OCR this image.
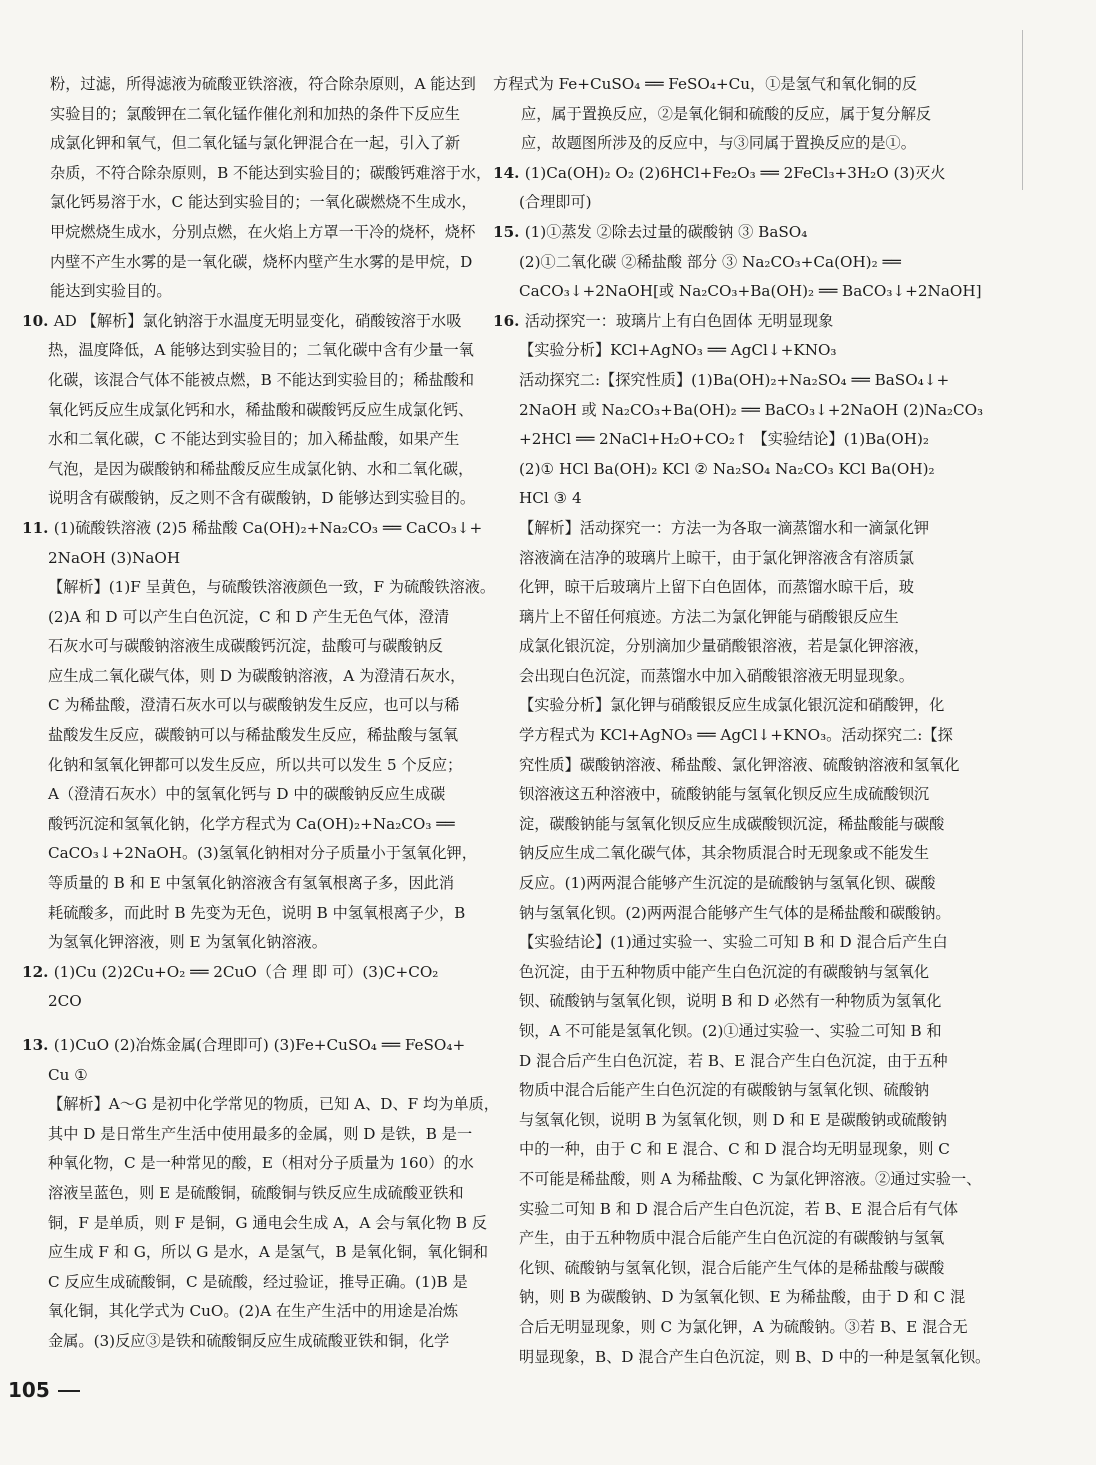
粉，过滤，所得滤液为硫酸亚铁溶液，符合除杂原则，A 能达到
实验目的；氯酸钾在二氧化锰作催化剂和加热的条件下反应生
成氯化钾和氧气，但二氧化锰与氯化钾混合在一起，引入了新
杂质，不符合除杂原则，B 不能达到实验目的；碳酸钙难溶于水，
氯化钙易溶于水，C 能达到实验目的；一氧化碳燃烧不生成水，
甲烷燃烧生成水，分别点燃，在火焰上方罩一干冷的烧杯，烧杯
内壁不产生水雾的是一氧化碳，烧杯内壁产生水雾的是甲烷，D
能达到实验目的。
10. AD 【解析】氯化钠溶于水温度无明显变化，硝酸铵溶于水吸
热，温度降低，A 能够达到实验目的；二氧化碳中含有少量一氧
化碳，该混合气体不能被点燃，B 不能达到实验目的；稀盐酸和
氧化钙反应生成氯化钙和水，稀盐酸和碳酸钙反应生成氯化钙、
水和二氧化碳，C 不能达到实验目的；加入稀盐酸，如果产生
气泡，是因为碳酸钠和稀盐酸反应生成氯化钠、水和二氧化碳，
说明含有碳酸钠，反之则不含有碳酸钠，D 能够达到实验目的。
11. (1)硫酸铁溶液 (2)5 稀盐酸 Ca(OH)₂+Na₂CO₃ ══ CaCO₃↓+
2NaOH (3)NaOH
【解析】(1)F 呈黄色，与硫酸铁溶液颜色一致，F 为硫酸铁溶液。
(2)A 和 D 可以产生白色沉淀，C 和 D 产生无色气体，澄清
石灰水可与碳酸钠溶液生成碳酸钙沉淀，盐酸可与碳酸钠反
应生成二氧化碳气体，则 D 为碳酸钠溶液，A 为澄清石灰水，
C 为稀盐酸，澄清石灰水可以与碳酸钠发生反应，也可以与稀
盐酸发生反应，碳酸钠可以与稀盐酸发生反应，稀盐酸与氢氧
化钠和氢氧化钾都可以发生反应，所以共可以发生 5 个反应；
A（澄清石灰水）中的氢氧化钙与 D 中的碳酸钠反应生成碳
酸钙沉淀和氢氧化钠，化学方程式为 Ca(OH)₂+Na₂CO₃ ══
CaCO₃↓+2NaOH。(3)氢氧化钠相对分子质量小于氢氧化钾，
等质量的 B 和 E 中氢氧化钠溶液含有氢氧根离子多，因此消
耗硫酸多，而此时 B 先变为无色，说明 B 中氢氧根离子少，B
为氢氧化钾溶液，则 E 为氢氧化钠溶液。
12. (1)Cu (2)2Cu+O₂ ══ 2CuO（合 理 即 可）(3)C+CO₂
2CO
13. (1)CuO (2)冶炼金属(合理即可) (3)Fe+CuSO₄ ══ FeSO₄+
Cu ①
【解析】A～G 是初中化学常见的物质，已知 A、D、F 均为单质，
其中 D 是日常生产生活中使用最多的金属，则 D 是铁，B 是一
种氧化物，C 是一种常见的酸，E（相对分子质量为 160）的水
溶液呈蓝色，则 E 是硫酸铜，硫酸铜与铁反应生成硫酸亚铁和
铜，F 是单质，则 F 是铜，G 通电会生成 A，A 会与氧化物 B 反
应生成 F 和 G，所以 G 是水，A 是氢气，B 是氧化铜，氧化铜和
C 反应生成硫酸铜，C 是硫酸，经过验证，推导正确。(1)B 是
氧化铜，其化学式为 CuO。(2)A 在生产生活中的用途是冶炼
金属。(3)反应③是铁和硫酸铜反应生成硫酸亚铁和铜，化学
方程式为 Fe+CuSO₄ ══ FeSO₄+Cu，①是氢气和氧化铜的反
应，属于置换反应，②是氧化铜和硫酸的反应，属于复分解反
应，故题图所涉及的反应中，与③同属于置换反应的是①。
14. (1)Ca(OH)₂ O₂ (2)6HCl+Fe₂O₃ ══ 2FeCl₃+3H₂O (3)灭火
(合理即可)
15. (1)①蒸发 ②除去过量的碳酸钠 ③ BaSO₄
(2)①二氧化碳 ②稀盐酸 部分 ③ Na₂CO₃+Ca(OH)₂ ══
CaCO₃↓+2NaOH[或 Na₂CO₃+Ba(OH)₂ ══ BaCO₃↓+2NaOH]
16. 活动探究一：玻璃片上有白色固体 无明显现象
【实验分析】KCl+AgNO₃ ══ AgCl↓+KNO₃
活动探究二:【探究性质】(1)Ba(OH)₂+Na₂SO₄ ══ BaSO₄↓+
2NaOH 或 Na₂CO₃+Ba(OH)₂ ══ BaCO₃↓+2NaOH (2)Na₂CO₃
+2HCl ══ 2NaCl+H₂O+CO₂↑ 【实验结论】(1)Ba(OH)₂
(2)① HCl Ba(OH)₂ KCl ② Na₂SO₄ Na₂CO₃ KCl Ba(OH)₂
HCl ③ 4
【解析】活动探究一：方法一为各取一滴蒸馏水和一滴氯化钾
溶液滴在洁净的玻璃片上晾干，由于氯化钾溶液含有溶质氯
化钾，晾干后玻璃片上留下白色固体，而蒸馏水晾干后，玻
璃片上不留任何痕迹。方法二为氯化钾能与硝酸银反应生
成氯化银沉淀，分别滴加少量硝酸银溶液，若是氯化钾溶液，
会出现白色沉淀，而蒸馏水中加入硝酸银溶液无明显现象。
【实验分析】氯化钾与硝酸银反应生成氯化银沉淀和硝酸钾，化
学方程式为 KCl+AgNO₃ ══ AgCl↓+KNO₃。活动探究二:【探
究性质】碳酸钠溶液、稀盐酸、氯化钾溶液、硫酸钠溶液和氢氧化
钡溶液这五种溶液中，硫酸钠能与氢氧化钡反应生成硫酸钡沉
淀，碳酸钠能与氢氧化钡反应生成碳酸钡沉淀，稀盐酸能与碳酸
钠反应生成二氧化碳气体，其余物质混合时无现象或不能发生
反应。(1)两两混合能够产生沉淀的是硫酸钠与氢氧化钡、碳酸
钠与氢氧化钡。(2)两两混合能够产生气体的是稀盐酸和碳酸钠。
【实验结论】(1)通过实验一、实验二可知 B 和 D 混合后产生白
色沉淀，由于五种物质中能产生白色沉淀的有碳酸钠与氢氧化
钡、硫酸钠与氢氧化钡，说明 B 和 D 必然有一种物质为氢氧化
钡，A 不可能是氢氧化钡。(2)①通过实验一、实验二可知 B 和
D 混合后产生白色沉淀，若 B、E 混合产生白色沉淀，由于五种
物质中混合后能产生白色沉淀的有碳酸钠与氢氧化钡、硫酸钠
与氢氧化钡，说明 B 为氢氧化钡，则 D 和 E 是碳酸钠或硫酸钠
中的一种，由于 C 和 E 混合、C 和 D 混合均无明显现象，则 C
不可能是稀盐酸，则 A 为稀盐酸、C 为氯化钾溶液。②通过实验一、
实验二可知 B 和 D 混合后产生白色沉淀，若 B、E 混合后有气体
产生，由于五种物质中混合后能产生白色沉淀的有碳酸钠与氢氧
化钡、硫酸钠与氢氧化钡，混合后能产生气体的是稀盐酸与碳酸
钠，则 B 为碳酸钠、D 为氢氧化钡、E 为稀盐酸，由于 D 和 C 混
合后无明显现象，则 C 为氯化钾，A 为硫酸钠。③若 B、E 混合无
明显现象，B、D 混合产生白色沉淀，则 B、D 中的一种是氢氧化钡。
105
